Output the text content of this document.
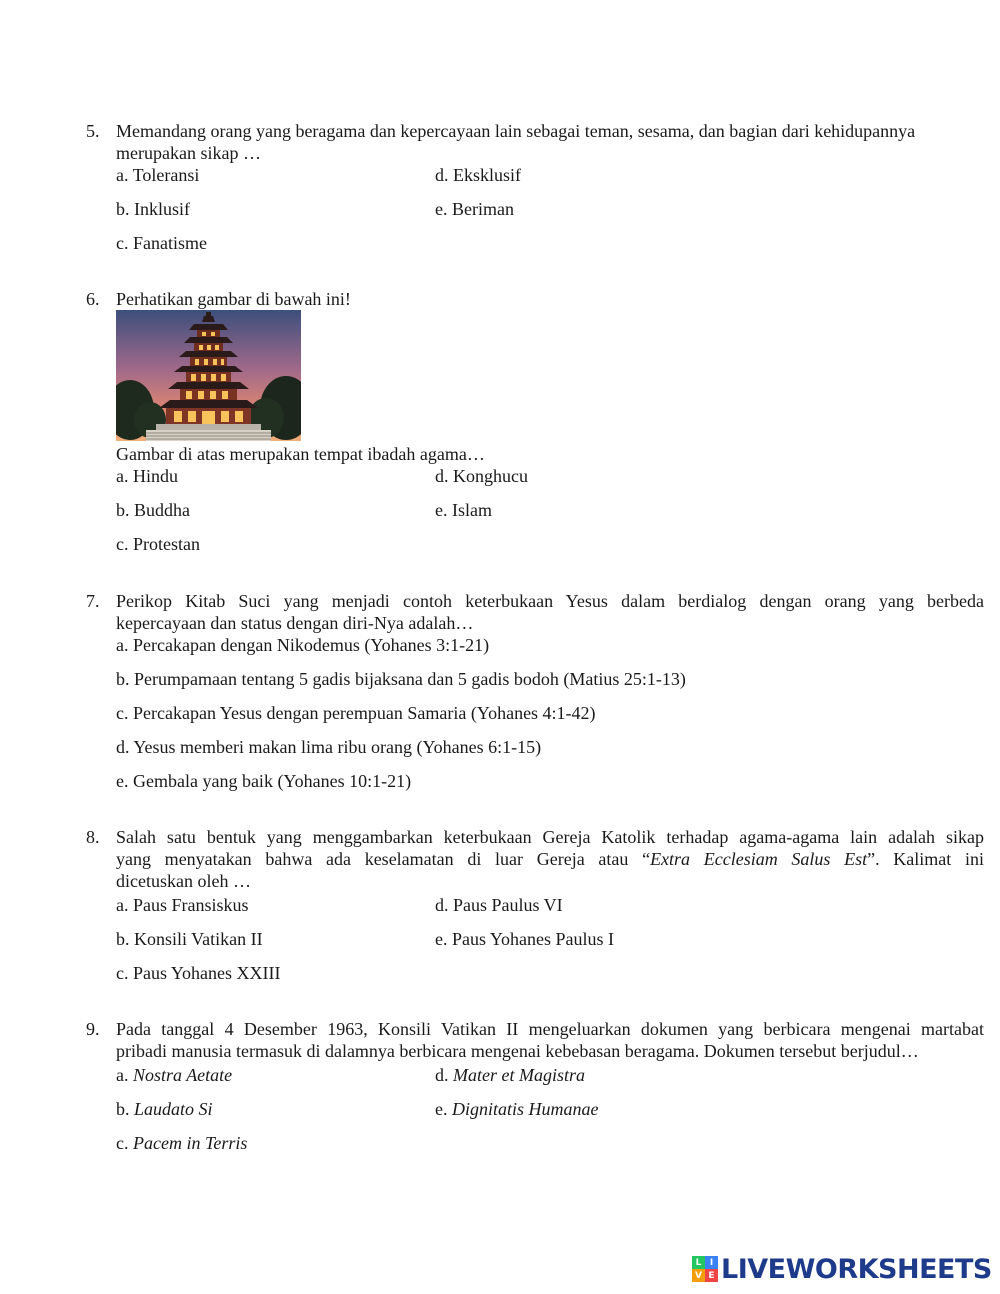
5. Memandang orang yang beragama dan kepercayaan lain sebagai teman, sesama, dan bagian dari kehidupannya
merupakan sikap …
a. Toleransi	d. Eksklusif
b. Inklusif	e. Beriman
c. Fanatisme
6. Perhatikan gambar di bawah ini!
Gambar di atas merupakan tempat ibadah agama…
a. Hindu	d. Konghucu
b. Buddha	e. Islam
c. Protestan
7. Perikop Kitab Suci yang menjadi contoh keterbukaan Yesus dalam berdialog dengan orang yang berbeda
kepercayaan dan status dengan diri-Nya adalah…
a. Percakapan dengan Nikodemus (Yohanes 3:1-21)
b. Perumpamaan tentang 5 gadis bijaksana dan 5 gadis bodoh (Matius 25:1-13)
c. Percakapan Yesus dengan perempuan Samaria (Yohanes 4:1-42)
d. Yesus memberi makan lima ribu orang (Yohanes 6:1-15)
e. Gembala yang baik (Yohanes 10:1-21)
8. Salah satu bentuk yang menggambarkan keterbukaan Gereja Katolik terhadap agama-agama lain adalah sikap
yang menyatakan bahwa ada keselamatan di luar Gereja atau “Extra Ecclesiam Salus Est”. Kalimat ini
dicetuskan oleh …
a. Paus Fransiskus	d. Paus Paulus VI
b. Konsili Vatikan II	e. Paus Yohanes Paulus I
c. Paus Yohanes XXIII
9. Pada tanggal 4 Desember 1963, Konsili Vatikan II mengeluarkan dokumen yang berbicara mengenai martabat
pribadi manusia termasuk di dalamnya berbicara mengenai kebebasan beragama. Dokumen tersebut berjudul…
a. Nostra Aetate	d. Mater et Magistra
b. Laudato Si	e. Dignitatis Humanae
c. Pacem in Terris
L I
V E LIVEWORKSHEETS
